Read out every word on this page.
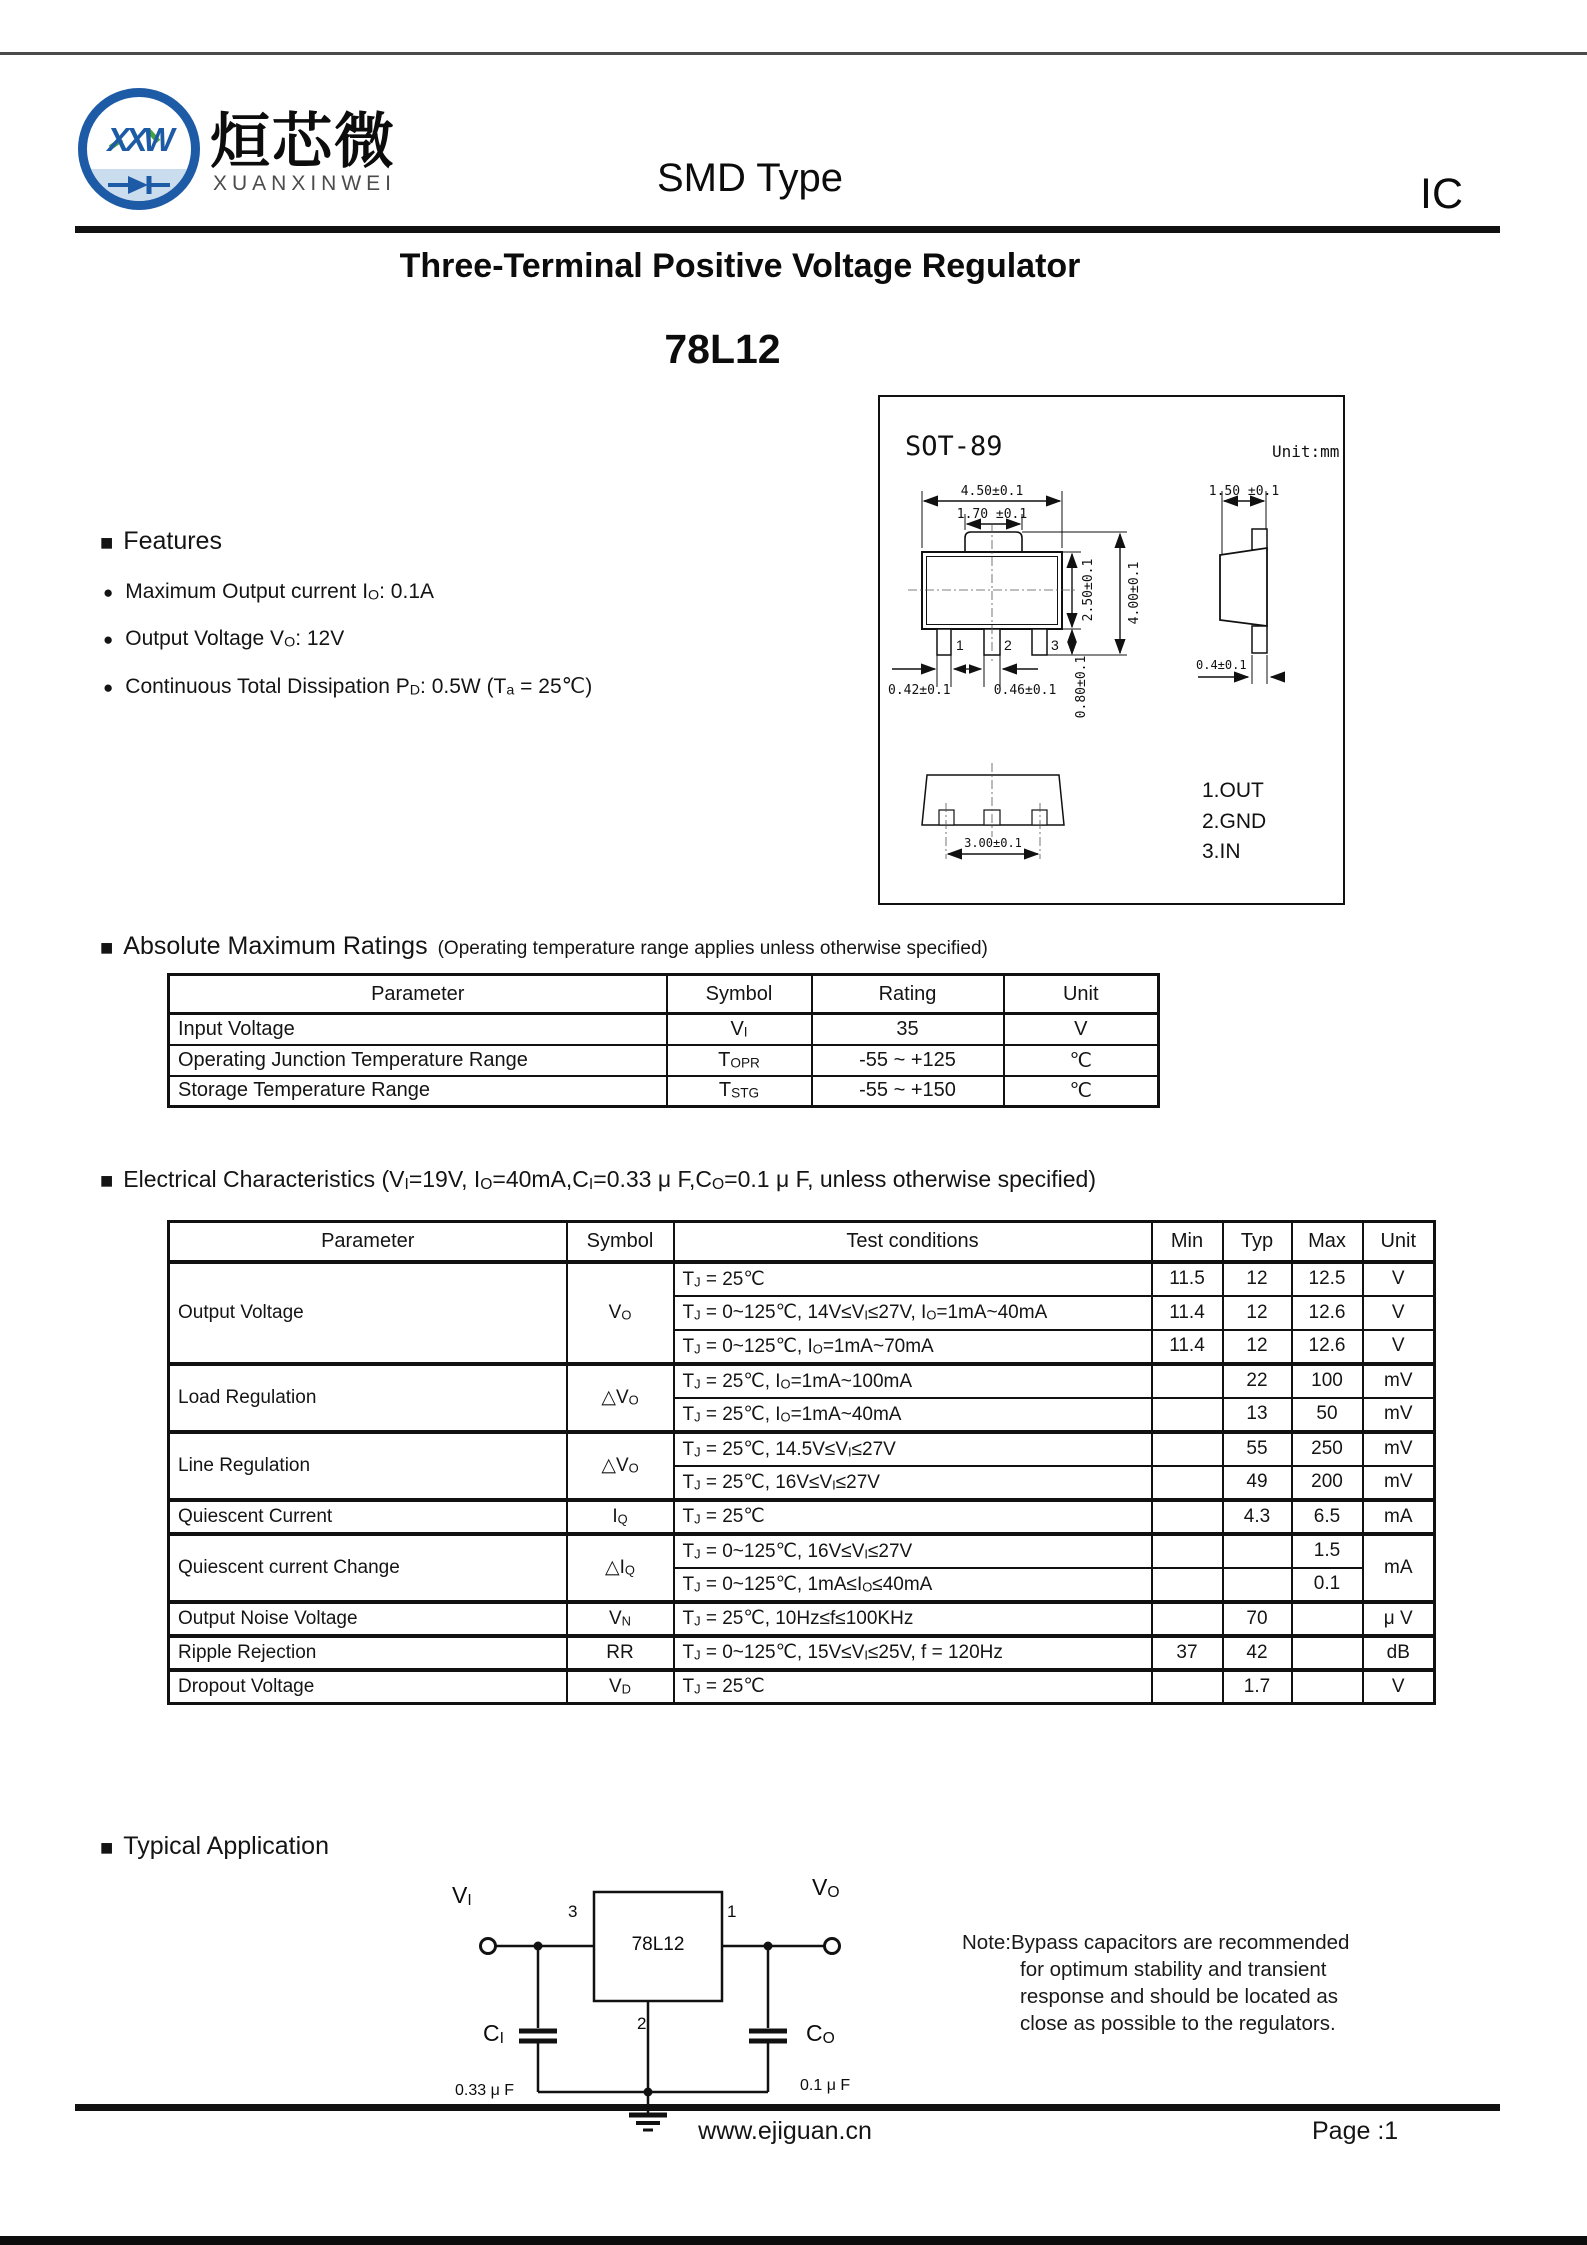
XXW 烜芯微
XUANXINWEI	SMD Type	IC
Three-Terminal Positive Voltage Regulator
78L12
SOT-89	Unit:mm
4.50±0.1
1.70 ±0.1
1	2	3
2.50±0.1 4.00±0.1
0.80±0.1
0.42±0.1	0.46±0.1
1.50 ±0.1
0.4±0.1
3.00±0.1
1.OUT
2.GND
3.IN
■ Features
● Maximum Output current $I_O$: 0.1A
● Output Voltage $V_O$: 12V
● Continuous Total Dissipation $P_D$: 0.5W ($T_a$ = 25℃)
■ Absolute Maximum Ratings (Operating temperature range applies unless otherwise specified)
Parameter	Symbol	Rating	Unit
Input Voltage	$V_I$	35	V
Operating Junction Temperature Range	$T_{OPR}$	-55 ~ +125	℃
Storage Temperature Range	$T_{STG}$	-55 ~ +150	℃
■ Electrical Characteristics ($V_I=19V$, $I_O=40mA,C_I=0.33$ μ $F,C_O=0.1$ μ F, unless otherwise specified)
Parameter	Symbol	Test conditions	Min	Typ	Max	Unit
Output Voltage	$V_O$	$T_J$ = 25℃	11.5	12	12.5	V
		$T_J$ = 0~125℃, $14V\le V_I\le 27V$, $I_O=1mA\sim 40mA$	11.4	12	12.6	V
		$T_J$ = 0~125℃, $I_O=1mA\sim 70mA$	11.4	12	12.6	V
Load Regulation	$\triangle V_O$	$T_J$ = 25℃, $I_O=1mA\sim 100mA$		22	100	mV
		$T_J$ = 25℃, $I_O=1mA\sim 40mA$		13	50	mV
Line Regulation	$\triangle V_O$	$T_J$ = 25℃, $14.5V\le V_I\le 27V$		55	250	mV
		$T_J$ = 25℃, $16V\le V_I\le 27V$		49	200	mV
Quiescent Current	$I_Q$	$T_J$ = 25℃		4.3	6.5	mA
Quiescent current Change	$\triangle I_Q$	$T_J$ = 0~125℃, $16V\le V_I\le 27V$			1.5	mA
		$T_J$ = 0~125℃, $1mA\le I_O\le 40mA$			0.1	
Output Noise Voltage	$V_N$	$T_J$ = 25℃, 10Hz≤f≤100KHz		70		μ V
Ripple Rejection	RR	$T_J$ = 0~125℃, $15V\le V_I\le 25V$, f = 120Hz	37	42		dB
Dropout Voltage	$V_D$	$T_J$ = 25℃		1.7		V
■ Typical Application
$V_I$
$V_O$
3	1
2
78L12
$C_I$	$C_O$
0.33 μ F	0.1 μ F
Note:Bypass capacitors are recommended
for optimum stability and transient
response and should be located as
close as possible to the regulators.
www.ejiguan.cn	Page :1
